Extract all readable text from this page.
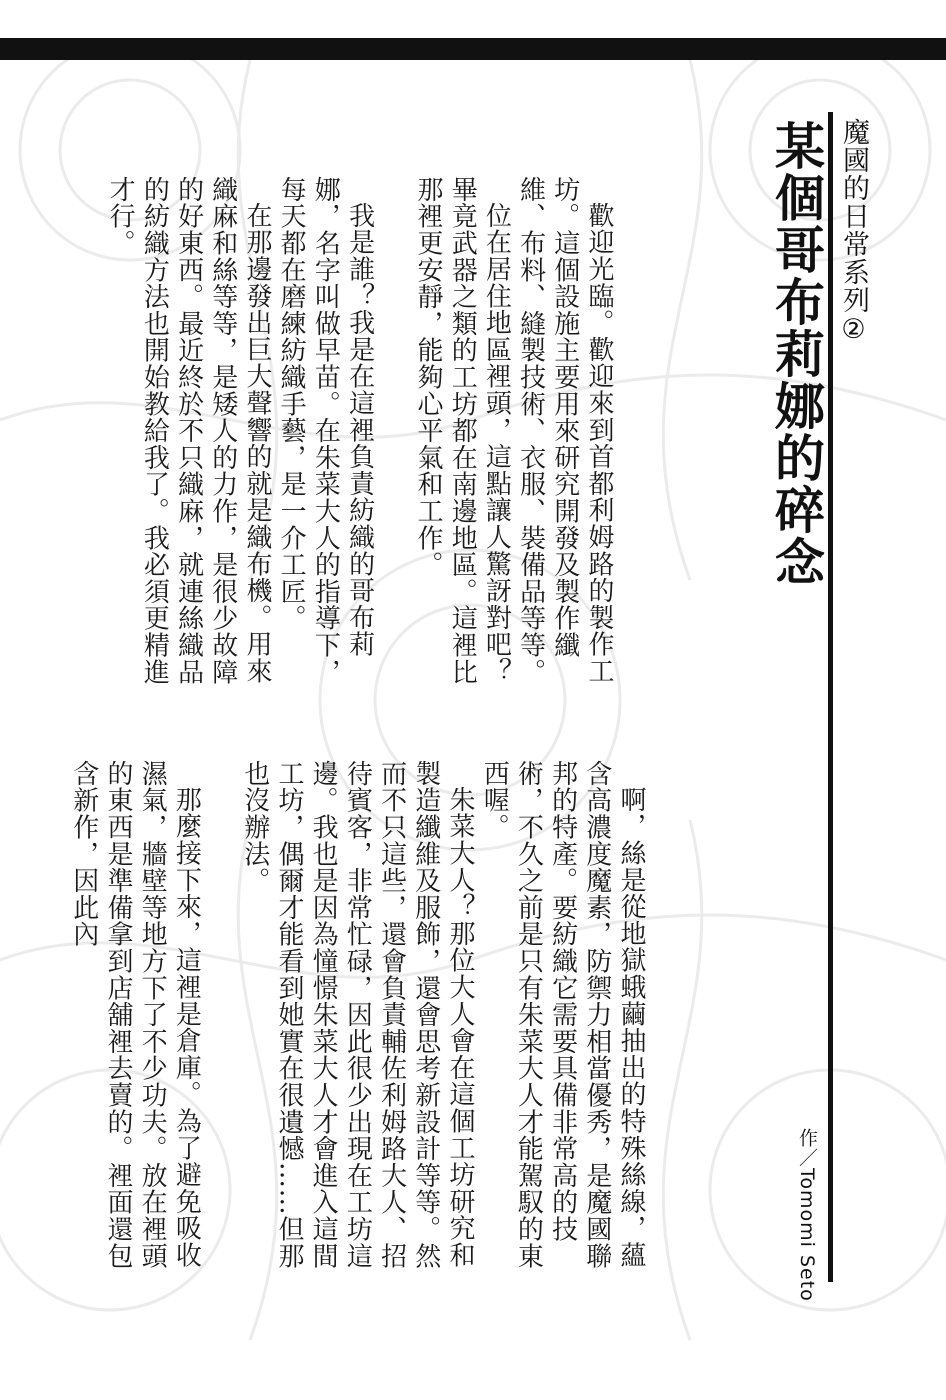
魔國的日常系列②
某個哥布莉娜的碎念
作／Tomomi Seto

歡迎光臨。歡迎來到首都利姆路的製作工坊。這個設施主要用來研究開發及製作纖維、布料、縫製技術、衣服、裝備品等等。

位在居住地區裡頭，這點讓人驚訝對吧？畢竟武器之類的工坊都在南邊地區。這裡比那裡更安靜，能夠心平氣和工作。

我是誰？我是在這裡負責紡織的哥布莉娜，名字叫做早苗。在朱菜大人的指導下，每天都在磨練紡織手藝，是一介工匠。

在那邊發出巨大聲響的就是織布機。用來織麻和絲等等，是矮人的力作，是很少故障的好東西。最近終於不只織麻，就連絲織品的紡織方法也開始教給我了。我必須更精進才行。

啊，絲是從地獄蛾繭抽出的特殊絲線，蘊含高濃度魔素，防禦力相當優秀，是魔國聯邦的特產。要紡織它需要具備非常高的技術，不久之前是只有朱菜大人才能駕馭的東西喔。

朱菜大人？那位大人會在這個工坊研究和製造纖維及服飾，還會思考新設計等等。然而不只這些，還會負責輔佐利姆路大人、招待賓客，非常忙碌，因此很少出現在工坊這邊。我也是因為憧憬朱菜大人才會進入這間工坊，偶爾才能看到她實在很遺憾……但那也沒辦法。

那麼接下來，這裡是倉庫。為了避免吸收濕氣，牆壁等地方下了不少功夫。放在裡頭的東西是準備拿到店舖裡去賣的。裡面還包含新作，因此內
